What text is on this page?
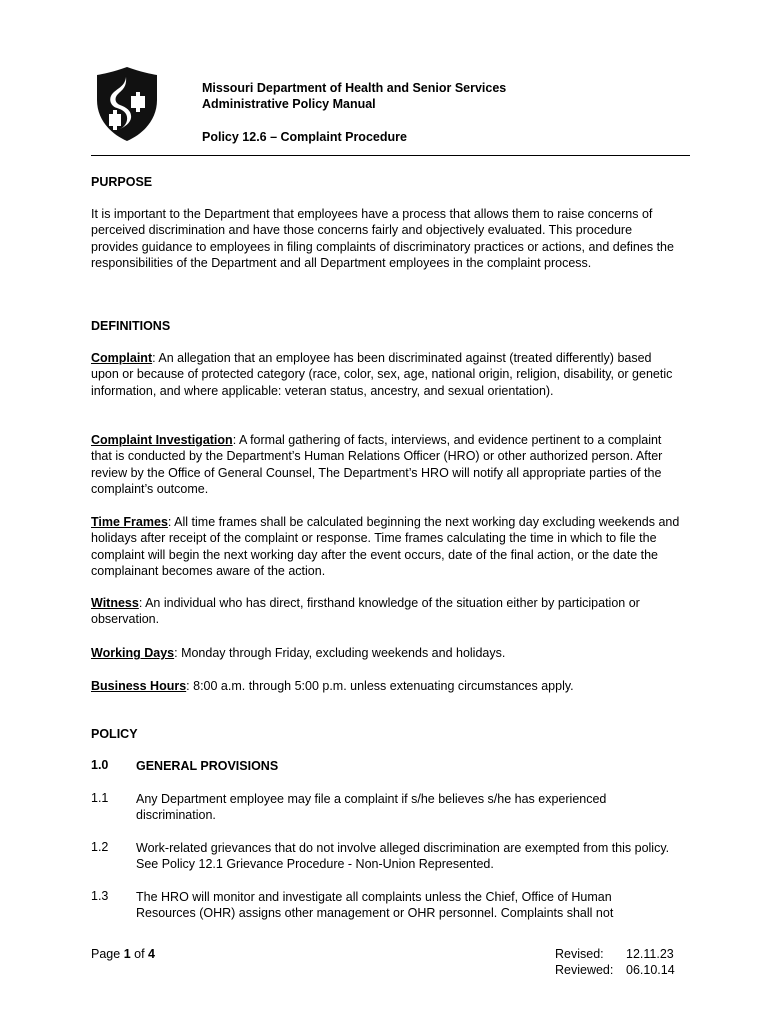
Missouri Department of Health and Senior Services
Administrative Policy Manual
Policy 12.6 – Complaint Procedure
PURPOSE
It is important to the Department that employees have a process that allows them to raise concerns of perceived discrimination and have those concerns fairly and objectively evaluated. This procedure provides guidance to employees in filing complaints of discriminatory practices or actions, and defines the responsibilities of the Department and all Department employees in the complaint process.
DEFINITIONS
Complaint: An allegation that an employee has been discriminated against (treated differently) based upon or because of protected category (race, color, sex, age, national origin, religion, disability, or genetic information, and where applicable: veteran status, ancestry, and sexual orientation).
Complaint Investigation: A formal gathering of facts, interviews, and evidence pertinent to a complaint that is conducted by the Department’s Human Relations Officer (HRO) or other authorized person. After review by the Office of General Counsel, The Department’s HRO will notify all appropriate parties of the complaint’s outcome.
Time Frames: All time frames shall be calculated beginning the next working day excluding weekends and holidays after receipt of the complaint or response. Time frames calculating the time in which to file the complaint will begin the next working day after the event occurs, date of the final action, or the date the complainant becomes aware of the action.
Witness: An individual who has direct, firsthand knowledge of the situation either by participation or observation.
Working Days: Monday through Friday, excluding weekends and holidays.
Business Hours: 8:00 a.m. through 5:00 p.m. unless extenuating circumstances apply.
POLICY
1.0 GENERAL PROVISIONS
1.1 Any Department employee may file a complaint if s/he believes s/he has experienced discrimination.
1.2 Work-related grievances that do not involve alleged discrimination are exempted from this policy. See Policy 12.1 Grievance Procedure - Non-Union Represented.
1.3 The HRO will monitor and investigate all complaints unless the Chief, Office of Human Resources (OHR) assigns other management or OHR personnel. Complaints shall not
Page 1 of 4	Revised: 12.11.23
Reviewed: 06.10.14
